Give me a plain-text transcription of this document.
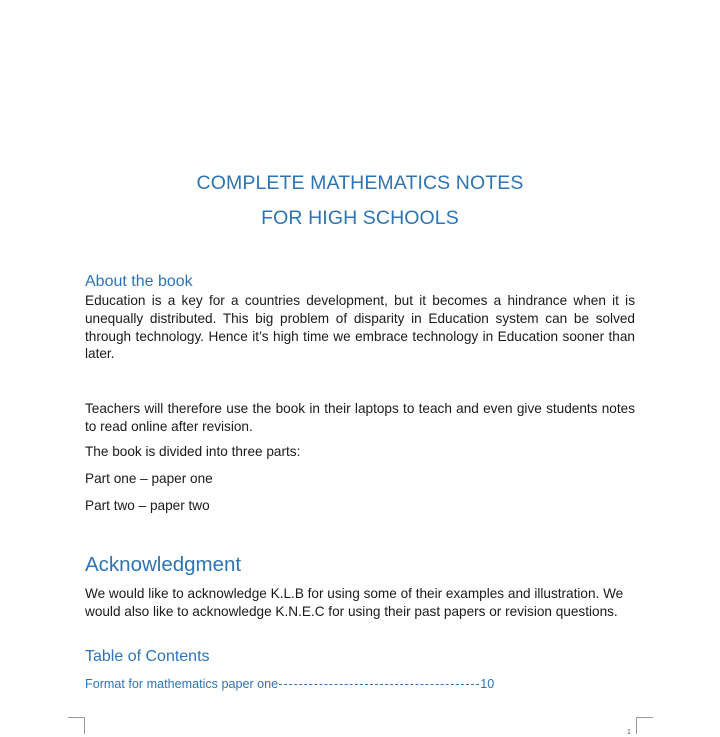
COMPLETE MATHEMATICS NOTES
FOR HIGH SCHOOLS
About the book
Education is a key for a countries development, but it becomes a hindrance when it is unequally distributed. This big problem of disparity in Education system can be solved through technology. Hence it’s high time we embrace technology in Education sooner than later.
Teachers will therefore use the book in their laptops to teach and even give students notes to read online after revision.
The book is divided into three parts:
Part one – paper one
Part two – paper two
Acknowledgment
We would like to acknowledge K.L.B for using some of their examples and illustration. We would also like to acknowledge K.N.E.C for using their past papers or revision questions.
Table of Contents
Format for mathematics paper one	10
1
